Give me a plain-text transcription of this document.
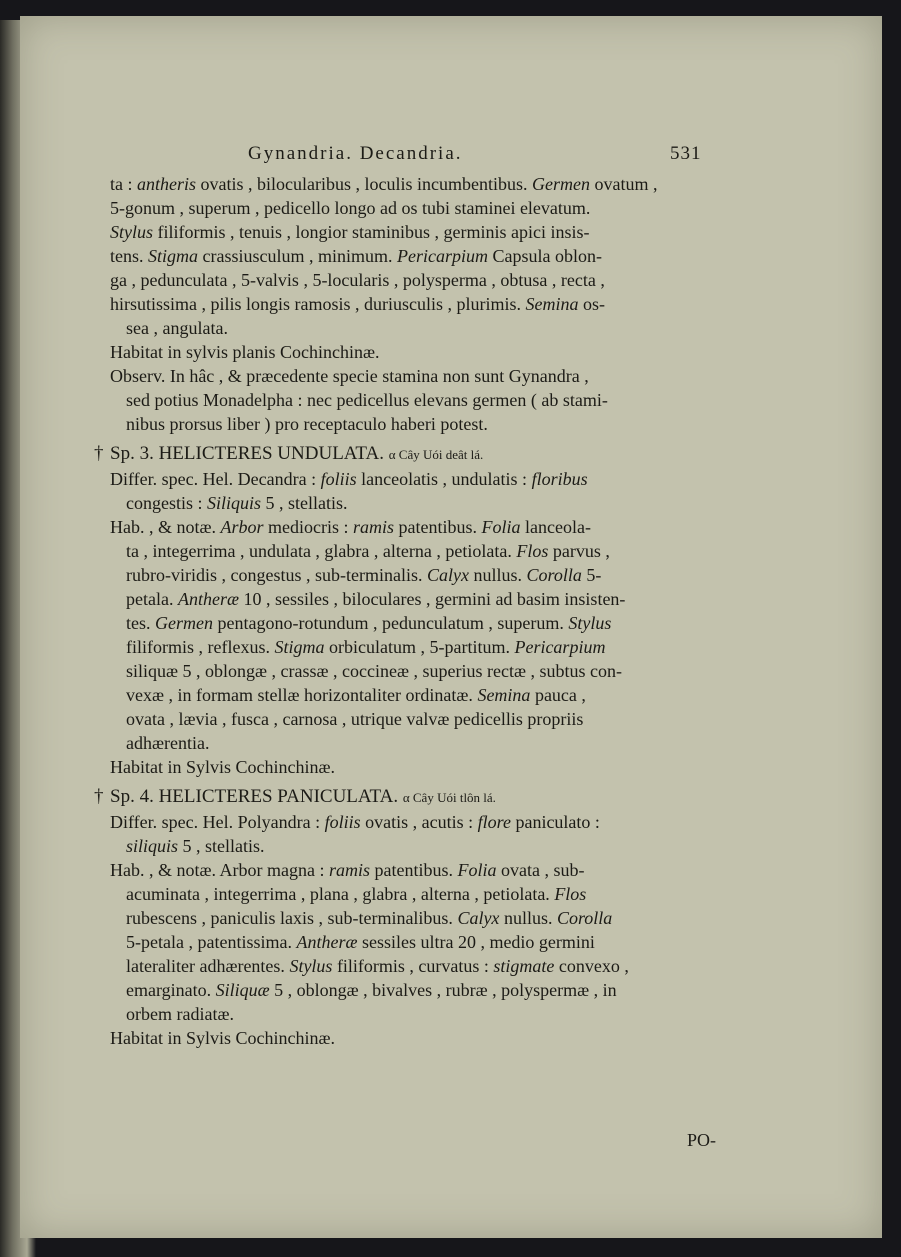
Gynandria. Decandria.	531
ta : antheris ovatis , bilocularibus , loculis incumbentibus. Germen ovatum ,
5-gonum , superum , pedicello longo ad os tubi staminei elevatum.
Stylus filiformis , tenuis , longior staminibus , germinis apici insis-
tens. Stigma crassiusculum , minimum. Pericarpium Capsula oblon-
ga , pedunculata , 5-valvis , 5-locularis , polysperma , obtusa , recta ,
hirsutissima , pilis longis ramosis , duriusculis , plurimis. Semina os-
sea , angulata.
Habitat in sylvis planis Cochinchinæ.
Observ. In hâc , & præcedente specie stamina non sunt Gynandra ,
sed potius Monadelpha : nec pedicellus elevans germen ( ab stami-
nibus prorsus liber ) pro receptaculo haberi potest.
† Sp. 3. HELICTERES UNDULATA. α Cây Uói deât lá.
Differ. spec. Hel. Decandra : foliis lanceolatis , undulatis : floribus
congestis : Siliquis 5 , stellatis.
Hab. , & notæ. Arbor mediocris : ramis patentibus. Folia lanceola-
ta , integerrima , undulata , glabra , alterna , petiolata. Flos parvus ,
rubro-viridis , congestus , sub-terminalis. Calyx nullus. Corolla 5-
petala. Antheræ 10 , sessiles , biloculares , germini ad basim insisten-
tes. Germen pentagono-rotundum , pedunculatum , superum. Stylus
filiformis , reflexus. Stigma orbiculatum , 5-partitum. Pericarpium
siliquæ 5 , oblongæ , crassæ , coccineæ , superius rectæ , subtus con-
vexæ , in formam stellæ horizontaliter ordinatæ. Semina pauca ,
ovata , lævia , fusca , carnosa , utrique valvæ pedicellis propriis
adhærentia.
Habitat in Sylvis Cochinchinæ.
† Sp. 4. HELICTERES PANICULATA. α Cây Uói tlôn lá.
Differ. spec. Hel. Polyandra : foliis ovatis , acutis : flore paniculato :
siliquis 5 , stellatis.
Hab. , & notæ. Arbor magna : ramis patentibus. Folia ovata , sub-
acuminata , integerrima , plana , glabra , alterna , petiolata. Flos
rubescens , paniculis laxis , sub-terminalibus. Calyx nullus. Corolla
5-petala , patentissima. Antheræ sessiles ultra 20 , medio germini
lateraliter adhærentes. Stylus filiformis , curvatus : stigmate convexo ,
emarginato. Siliquæ 5 , oblongæ , bivalves , rubræ , polyspermæ , in
orbem radiatæ.
Habitat in Sylvis Cochinchinæ.
PO-
